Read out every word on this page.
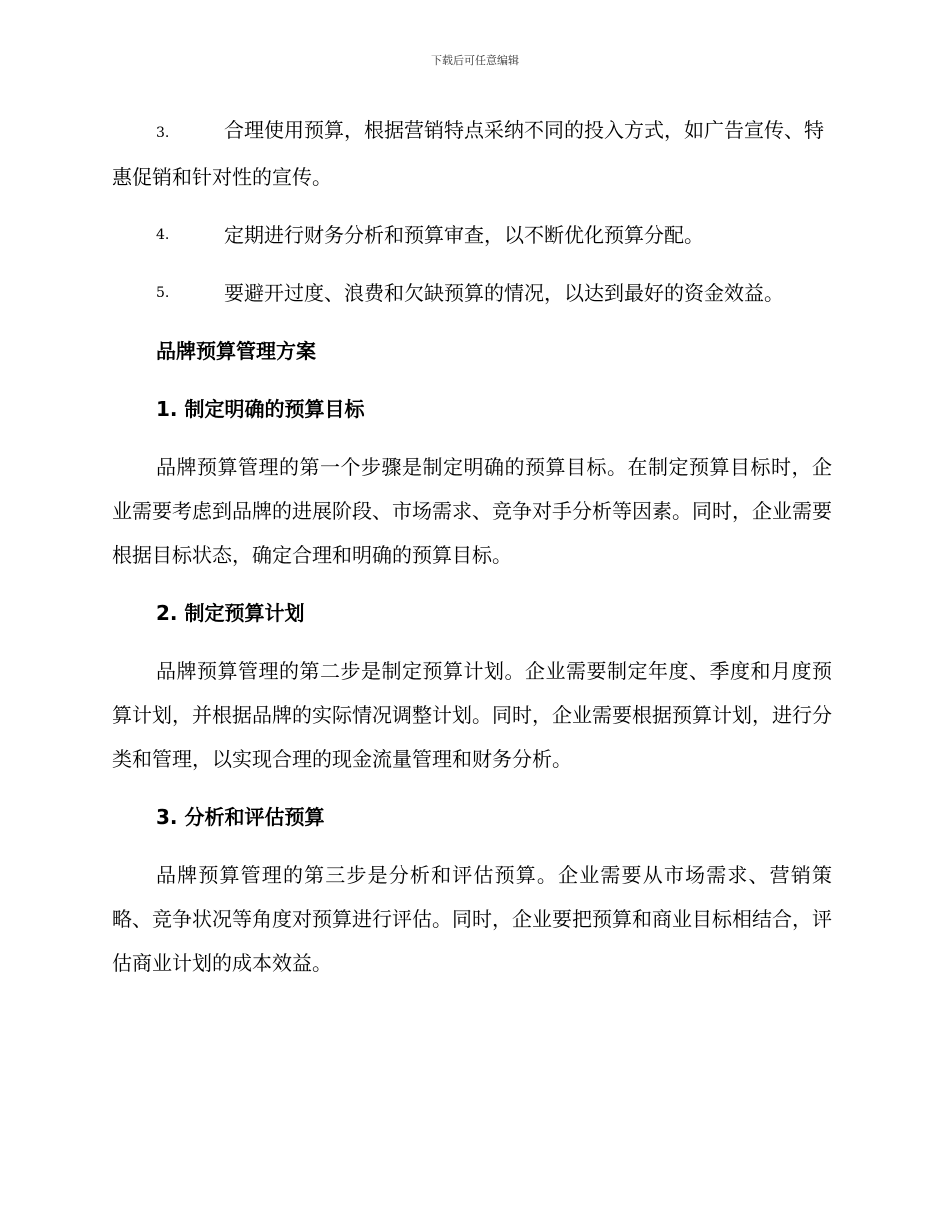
下载后可任意编辑
3.	合理使用预算，根据营销特点采纳不同的投入方式，如广告宣传、特惠促销和针对性的宣传。
4.	定期进行财务分析和预算审查，以不断优化预算分配。
5.	要避开过度、浪费和欠缺预算的情况，以达到最好的资金效益。
品牌预算管理方案
1. 制定明确的预算目标

品牌预算管理的第一个步骤是制定明确的预算目标。在制定预算目标时，企业需要考虑到品牌的进展阶段、市场需求、竞争对手分析等因素。同时，企业需要根据目标状态，确定合理和明确的预算目标。

2. 制定预算计划

品牌预算管理的第二步是制定预算计划。企业需要制定年度、季度和月度预算计划，并根据品牌的实际情况调整计划。同时，企业需要根据预算计划，进行分类和管理，以实现合理的现金流量管理和财务分析。

3. 分析和评估预算

品牌预算管理的第三步是分析和评估预算。企业需要从市场需求、营销策略、竞争状况等角度对预算进行评估。同时，企业要把预算和商业目标相结合，评估商业计划的成本效益。
